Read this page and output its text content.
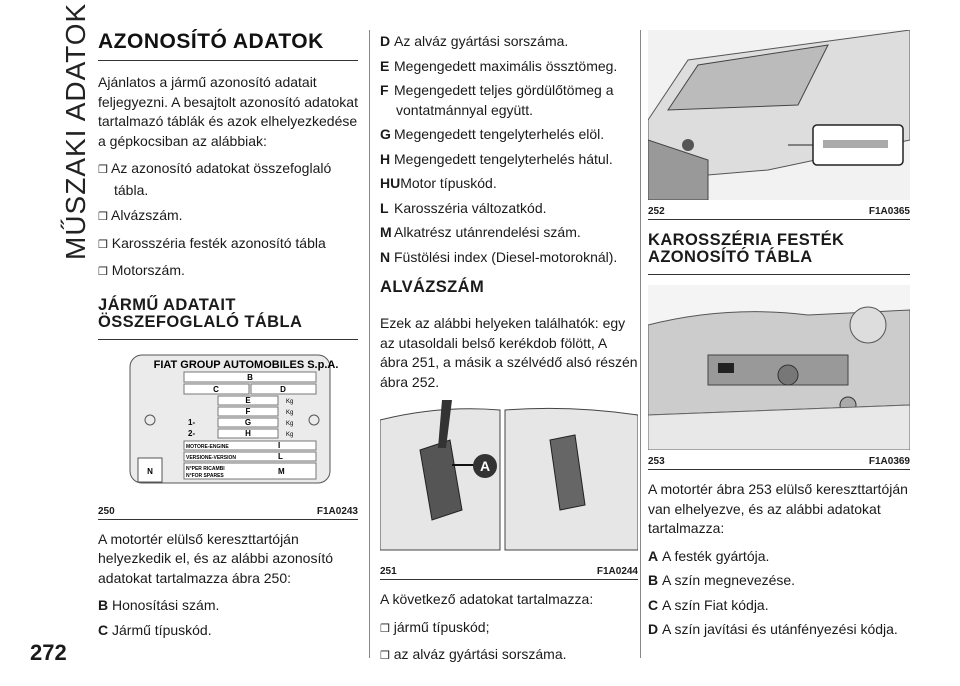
MŰSZAKI ADATOK
272
AZONOSÍTÓ ADATOK

Ajánlatos a jármű azonosító adatait feljegyezni. A besajtolt azonosító adatokat tartalmazó táblák és azok elhelyezkedése a gépkocsiban az alábbiak:

❒ Az azonosító adatokat összefoglaló tábla.
❒ Alvázszám.
❒ Karosszéria festék azonosító tábla
❒ Motorszám.
JÁRMŰ ADATAIT
ÖSSZEFOGLALÓ TÁBLA
N
FIAT GROUP AUTOMOBILES S.p.A.
B
C	D
E	Kg
F	Kg
G	Kg
1-
H	Kg
2-
MOTORE-ENGINE	I
VERSIONE-VERSION	L
N°PER RICAMBI
N°FOR SPARES	M
250	F1A0243

A motortér elülső kereszttartóján helyezkedik el, és az alábbi azonosító adatokat tartalmazza ábra 250:

B Honosítási szám.
C Jármű típuskód.
D Az alváz gyártási sorszáma.
E Megengedett maximális össztömeg.
F Megengedett teljes gördülőtömeg a vontatmánnyal együtt.
G Megengedett tengelyterhelés elöl.
H Megengedett tengelyterhelés hátul.
HUMotor típuskód.
L Karosszéria változatkód.
M Alkatrész utánrendelési szám.
N Füstölési index (Diesel-motoroknál).
ALVÁZSZÁM

Ezek az alábbi helyeken találhatók: egy az utasoldali belső kerékdob fölött, A ábra 251, a másik a szélvédő alsó részén ábra 252.

A
251	F1A0244

A következő adatokat tartalmazza:

❒ jármű típuskód;
❒ az alváz gyártási sorszáma.
252	F1A0365
KAROSSZÉRIA FESTÉK
AZONOSÍTÓ TÁBLA
253	F1A0369

A motortér ábra 253 elülső kereszttartóján van elhelyezve, és az alábbi adatokat tartalmazza:

A A festék gyártója.
B A szín megnevezése.
C A szín Fiat kódja.
D A szín javítási és utánfényezési kódja.
